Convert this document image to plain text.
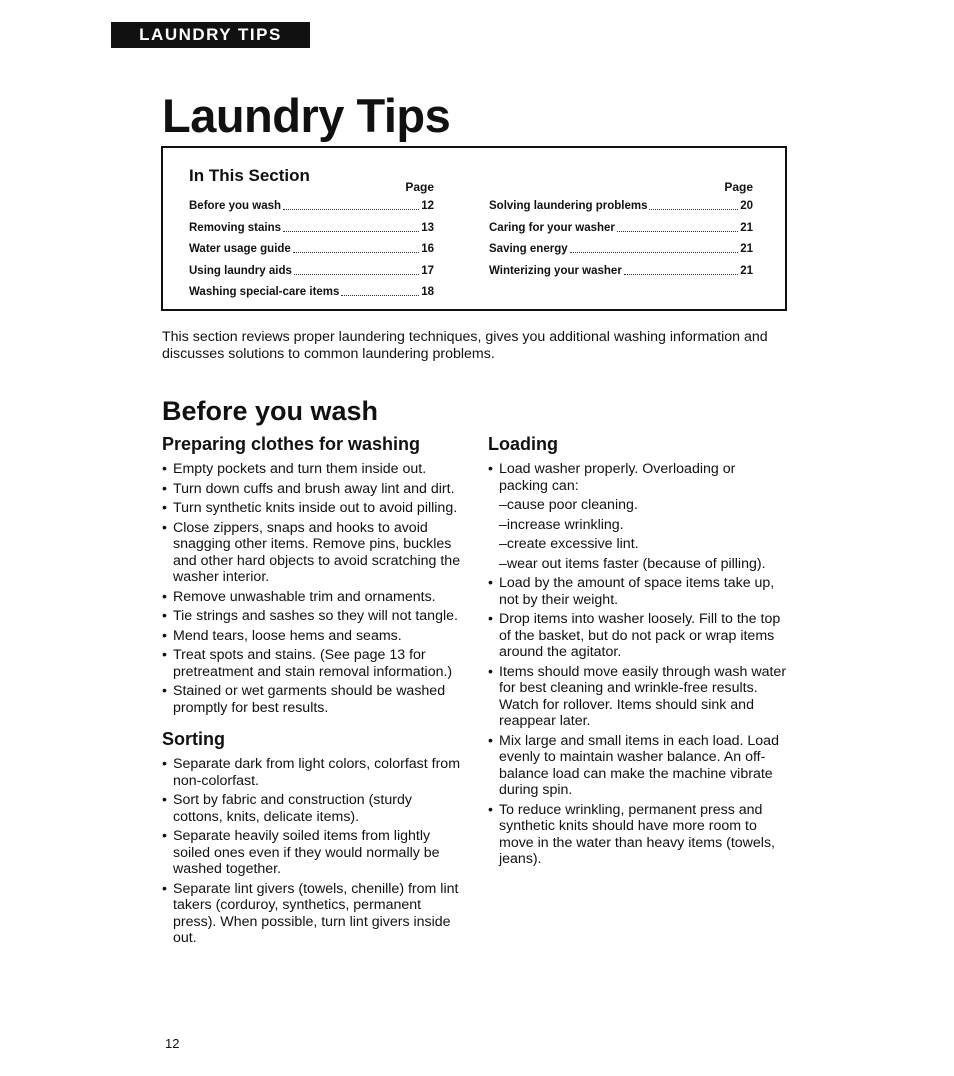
LAUNDRY TIPS
Laundry Tips
In This Section
Page
Before you wash	12
Removing stains	13
Water usage guide	16
Using laundry aids	17
Washing special-care items	18
Page
Solving laundering problems	20
Caring for your washer	21
Saving energy	21
Winterizing your washer	21

This section reviews proper laundering techniques, gives you additional washing information and discusses solutions to common laundering problems.

Before you wash
Preparing clothes for washing
• Empty pockets and turn them inside out.
• Turn down cuffs and brush away lint and dirt.
• Turn synthetic knits inside out to avoid pilling.
• Close zippers, snaps and hooks to avoid snagging other items. Remove pins, buckles and other hard objects to avoid scratching the washer interior.
• Remove unwashable trim and ornaments.
• Tie strings and sashes so they will not tangle.
• Mend tears, loose hems and seams.
• Treat spots and stains. (See page 13 for pretreatment and stain removal information.)
• Stained or wet garments should be washed promptly for best results.
Sorting
• Separate dark from light colors, colorfast from non-colorfast.
• Sort by fabric and construction (sturdy cottons, knits, delicate items).
• Separate heavily soiled items from lightly soiled ones even if they would normally be washed together.
• Separate lint givers (towels, chenille) from lint takers (corduroy, synthetics, permanent press). When possible, turn lint givers inside out.
Loading
• Load washer properly. Overloading or packing can:
–cause poor cleaning.
–increase wrinkling.
–create excessive lint.
–wear out items faster (because of pilling).
• Load by the amount of space items take up, not by their weight.
• Drop items into washer loosely. Fill to the top of the basket, but do not pack or wrap items around the agitator.
• Items should move easily through wash water for best cleaning and wrinkle-free results. Watch for rollover. Items should sink and reappear later.
• Mix large and small items in each load. Load evenly to maintain washer balance. An off-balance load can make the machine vibrate during spin.
• To reduce wrinkling, permanent press and synthetic knits should have more room to move in the water than heavy items (towels, jeans).
12
